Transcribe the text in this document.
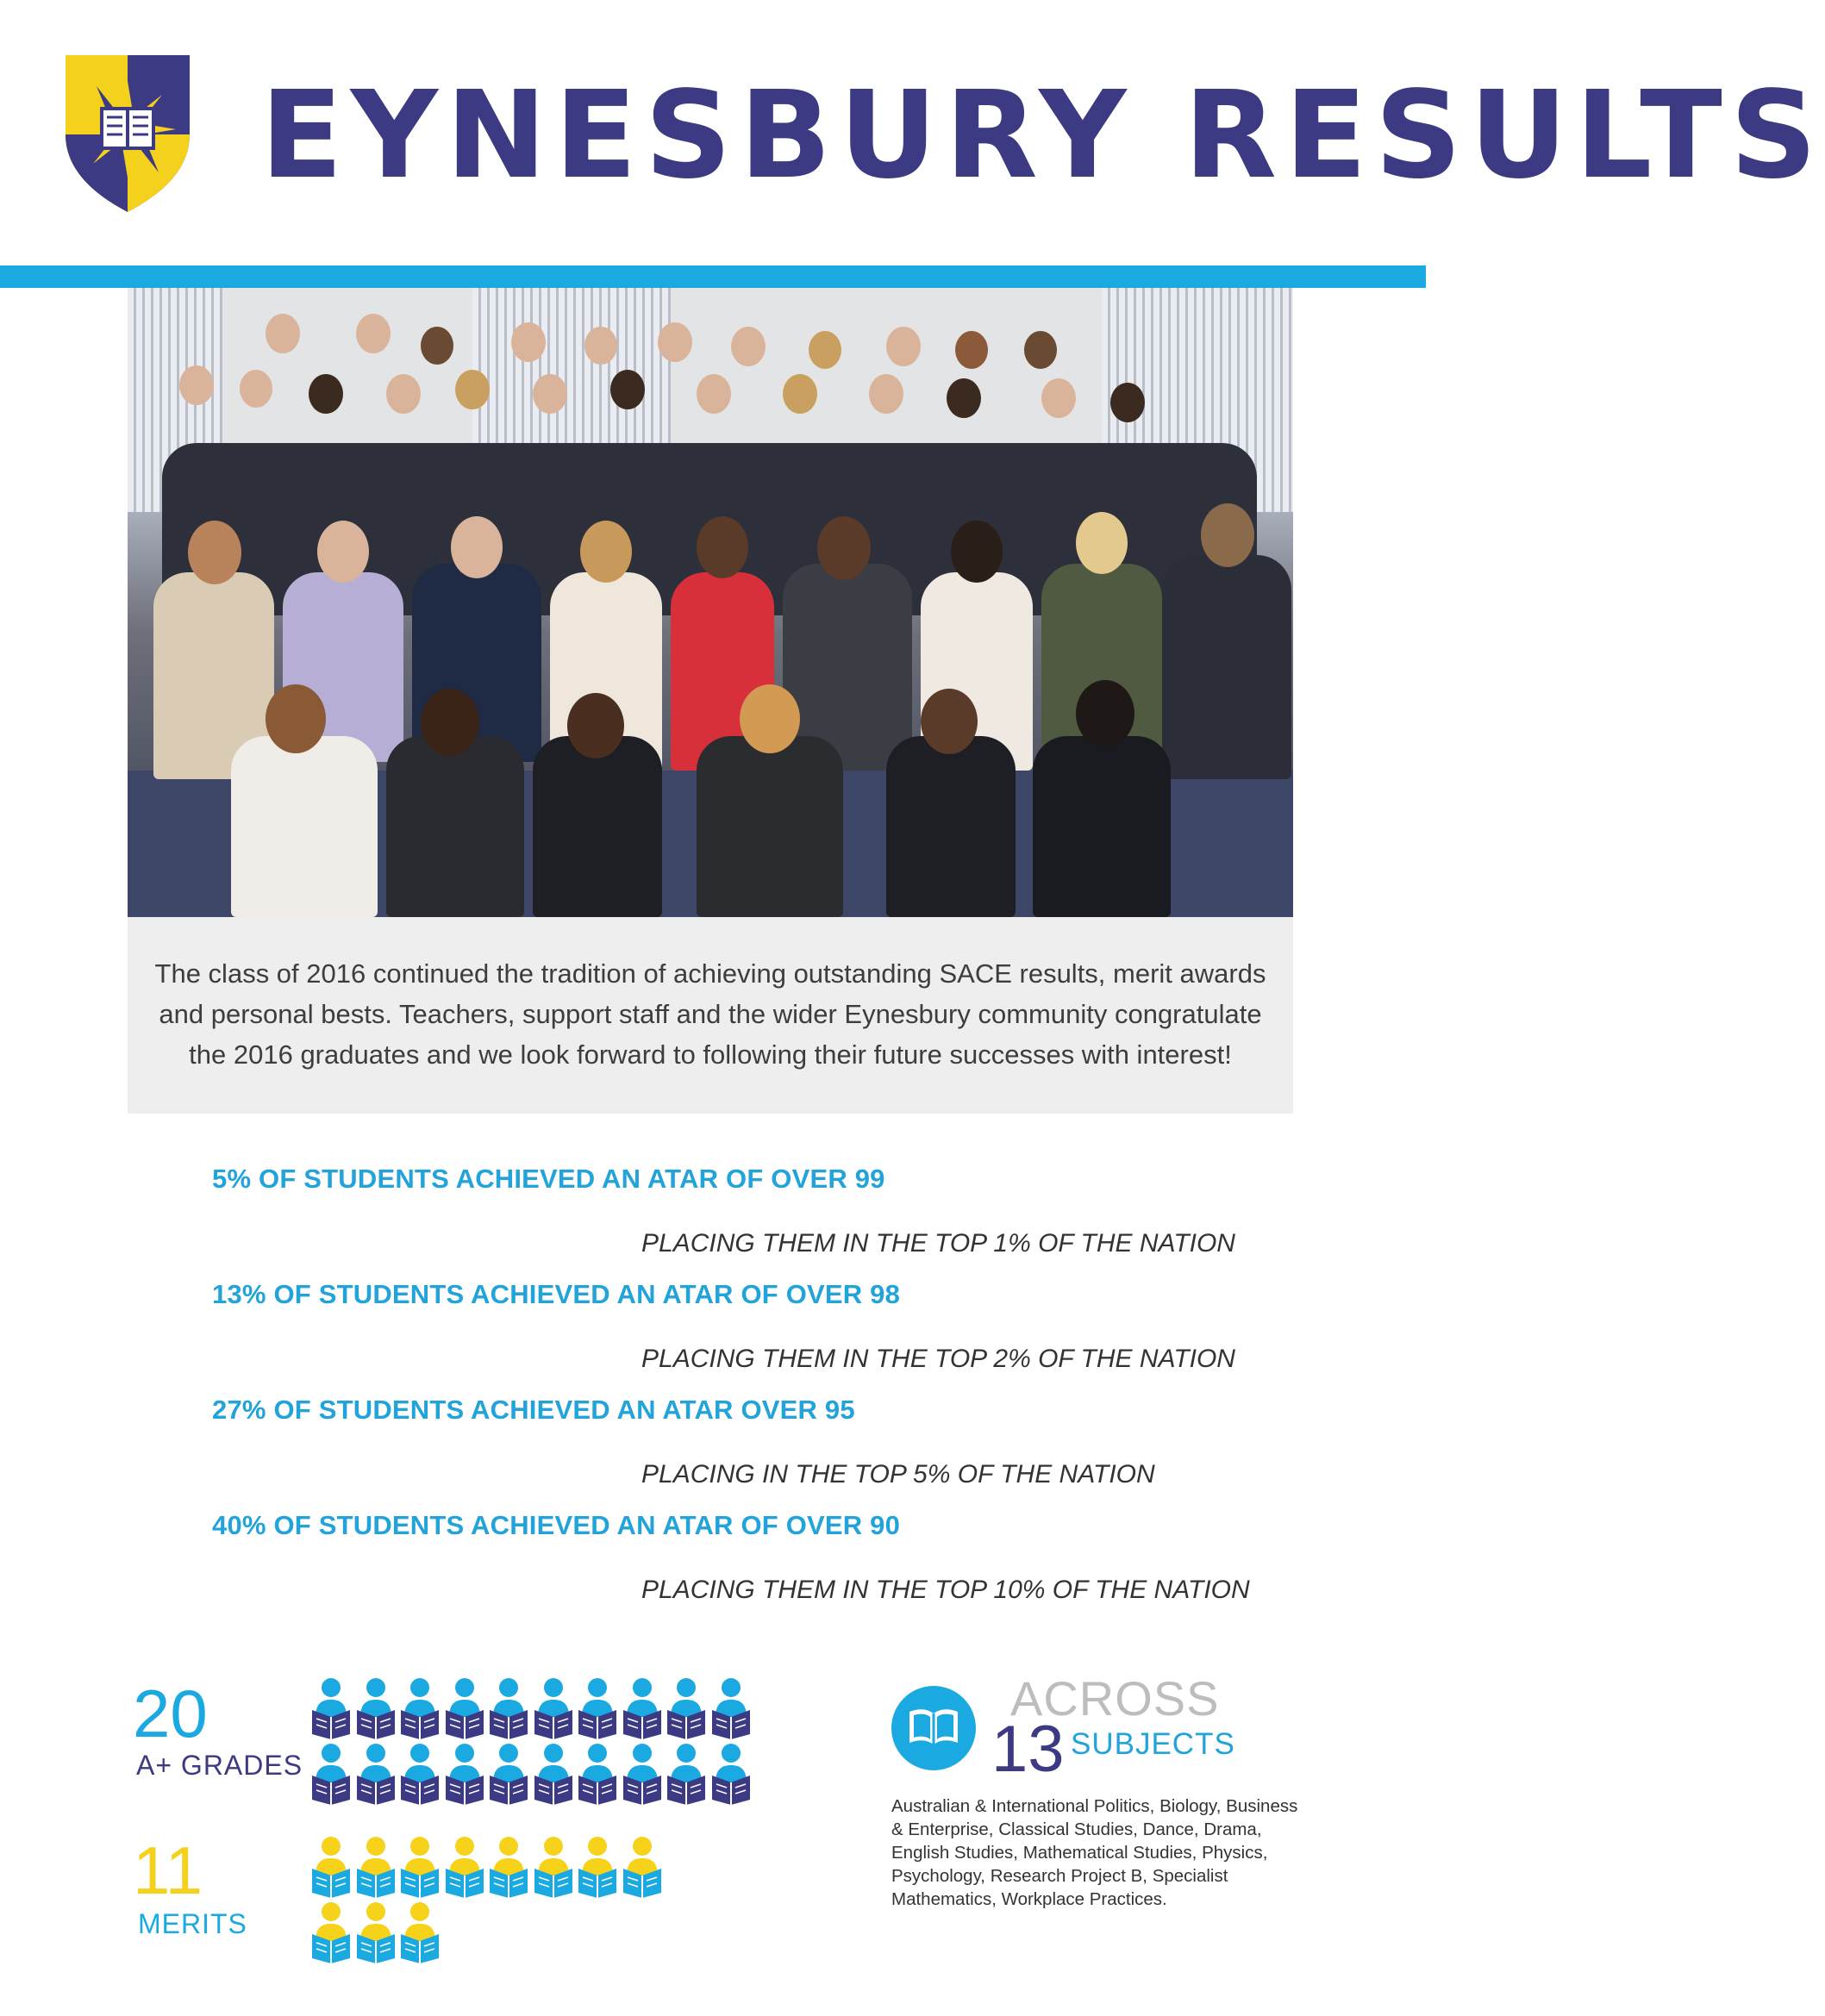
EYNESBURY RESULTS
The class of 2016 continued the tradition of achieving outstanding SACE results, merit awards and personal bests. Teachers, support staff and the wider Eynesbury community congratulate the 2016 graduates and we look forward to following their future successes with interest!
5% OF STUDENTS ACHIEVED AN ATAR OF OVER 99
PLACING THEM IN THE TOP 1% OF THE NATION
13% OF STUDENTS ACHIEVED AN ATAR OF OVER 98
PLACING THEM IN THE TOP 2% OF THE NATION
27% OF STUDENTS ACHIEVED AN ATAR OVER 95
PLACING IN THE TOP 5% OF THE NATION
40% OF STUDENTS ACHIEVED AN ATAR OF OVER 90
PLACING THEM IN THE TOP 10% OF THE NATION
20
A+ GRADES
11
MERITS
ACROSS
13 SUBJECTS
Australian & International Politics, Biology, Business & Enterprise, Classical Studies, Dance, Drama, English Studies, Mathematical Studies, Physics, Psychology, Research Project B, Specialist Mathematics, Workplace Practices.
